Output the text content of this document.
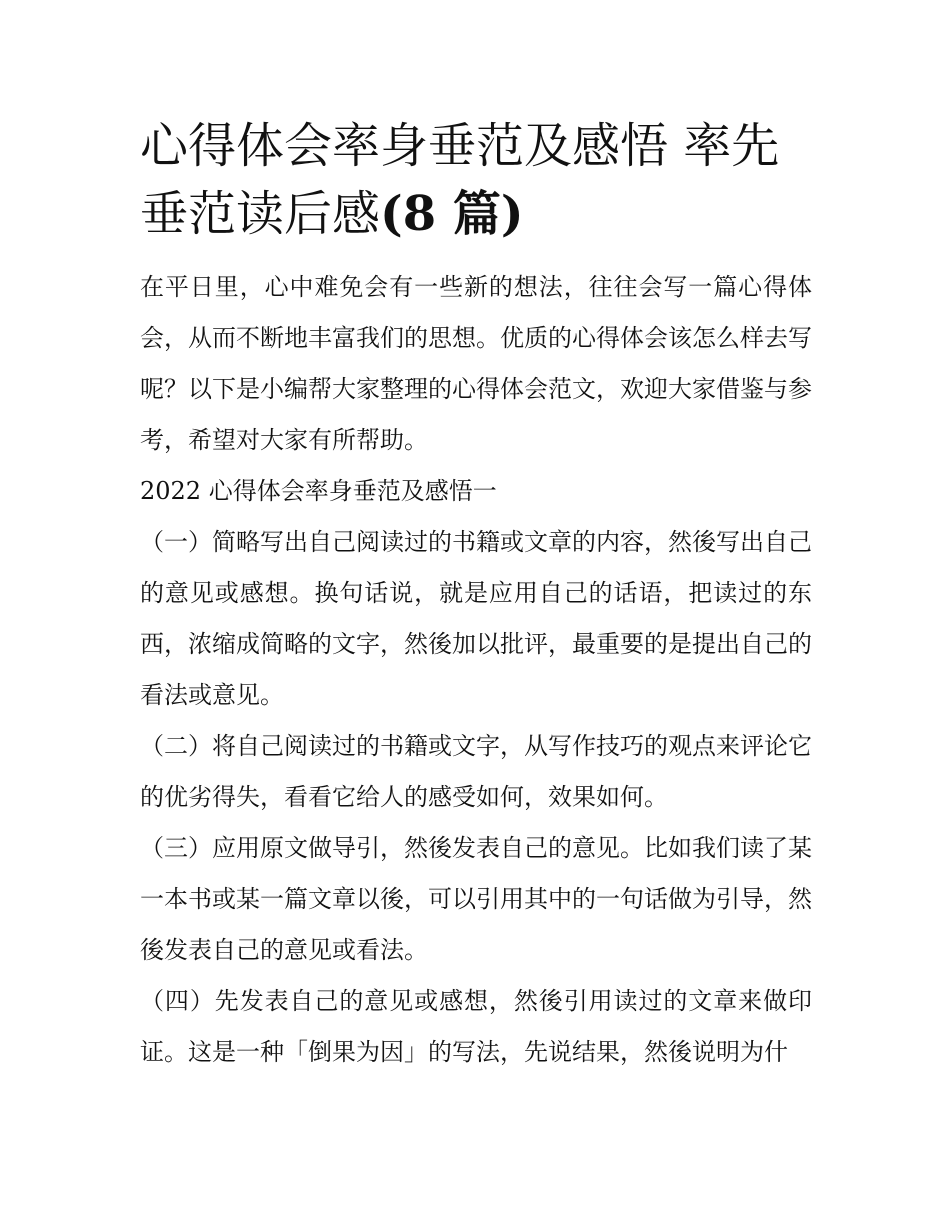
心得体会率身垂范及感悟 率先垂范读后感(8 篇)

在平日里，心中难免会有一些新的想法，往往会写一篇心得体会，从而不断地丰富我们的思想。优质的心得体会该怎么样去写呢？以下是小编帮大家整理的心得体会范文，欢迎大家借鉴与参考，希望对大家有所帮助。

2022 心得体会率身垂范及感悟一

（一）简略写出自己阅读过的书籍或文章的内容，然後写出自己的意见或感想。换句话说，就是应用自己的话语，把读过的东西，浓缩成简略的文字，然後加以批评，最重要的是提出自己的看法或意见。

（二）将自己阅读过的书籍或文字，从写作技巧的观点来评论它的优劣得失，看看它给人的感受如何，效果如何。

（三）应用原文做导引，然後发表自己的意见。比如我们读了某一本书或某一篇文章以後，可以引用其中的一句话做为引导，然後发表自己的意见或看法。

（四）先发表自己的意见或感想，然後引用读过的文章来做印证。这是一种「倒果为因」的写法，先说结果，然後说明为什
